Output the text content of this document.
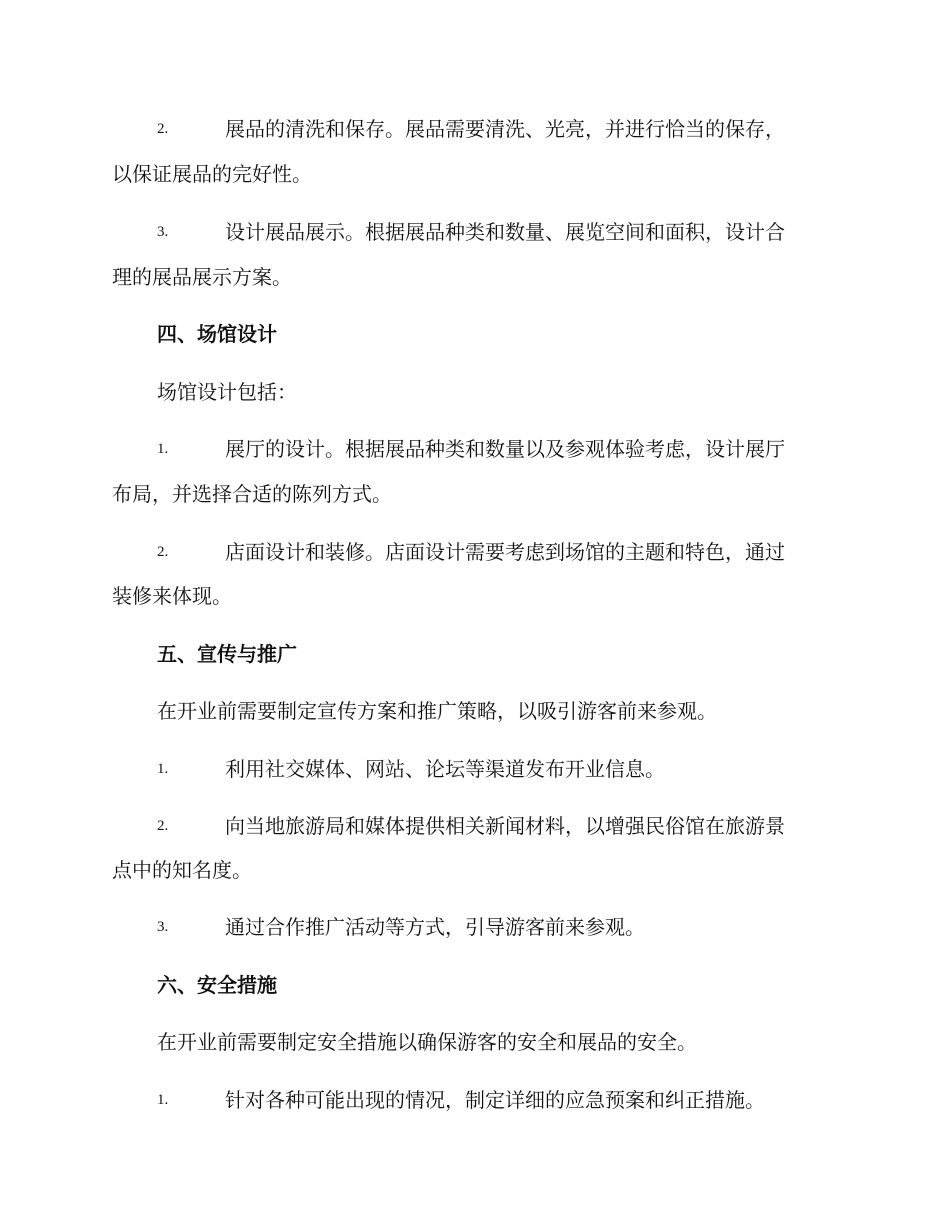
2.	展品的清洗和保存。展品需要清洗、光亮，并进行恰当的保存，
以保证展品的完好性。
3.	设计展品展示。根据展品种类和数量、展览空间和面积，设计合
理的展品展示方案。
四、场馆设计
场馆设计包括：
1.	展厅的设计。根据展品种类和数量以及参观体验考虑，设计展厅
布局，并选择合适的陈列方式。
2.	店面设计和装修。店面设计需要考虑到场馆的主题和特色，通过
装修来体现。
五、宣传与推广
在开业前需要制定宣传方案和推广策略，以吸引游客前来参观。
1.	利用社交媒体、网站、论坛等渠道发布开业信息。
2.	向当地旅游局和媒体提供相关新闻材料，以增强民俗馆在旅游景
点中的知名度。
3.	通过合作推广活动等方式，引导游客前来参观。
六、安全措施
在开业前需要制定安全措施以确保游客的安全和展品的安全。
1.	针对各种可能出现的情况，制定详细的应急预案和纠正措施。
